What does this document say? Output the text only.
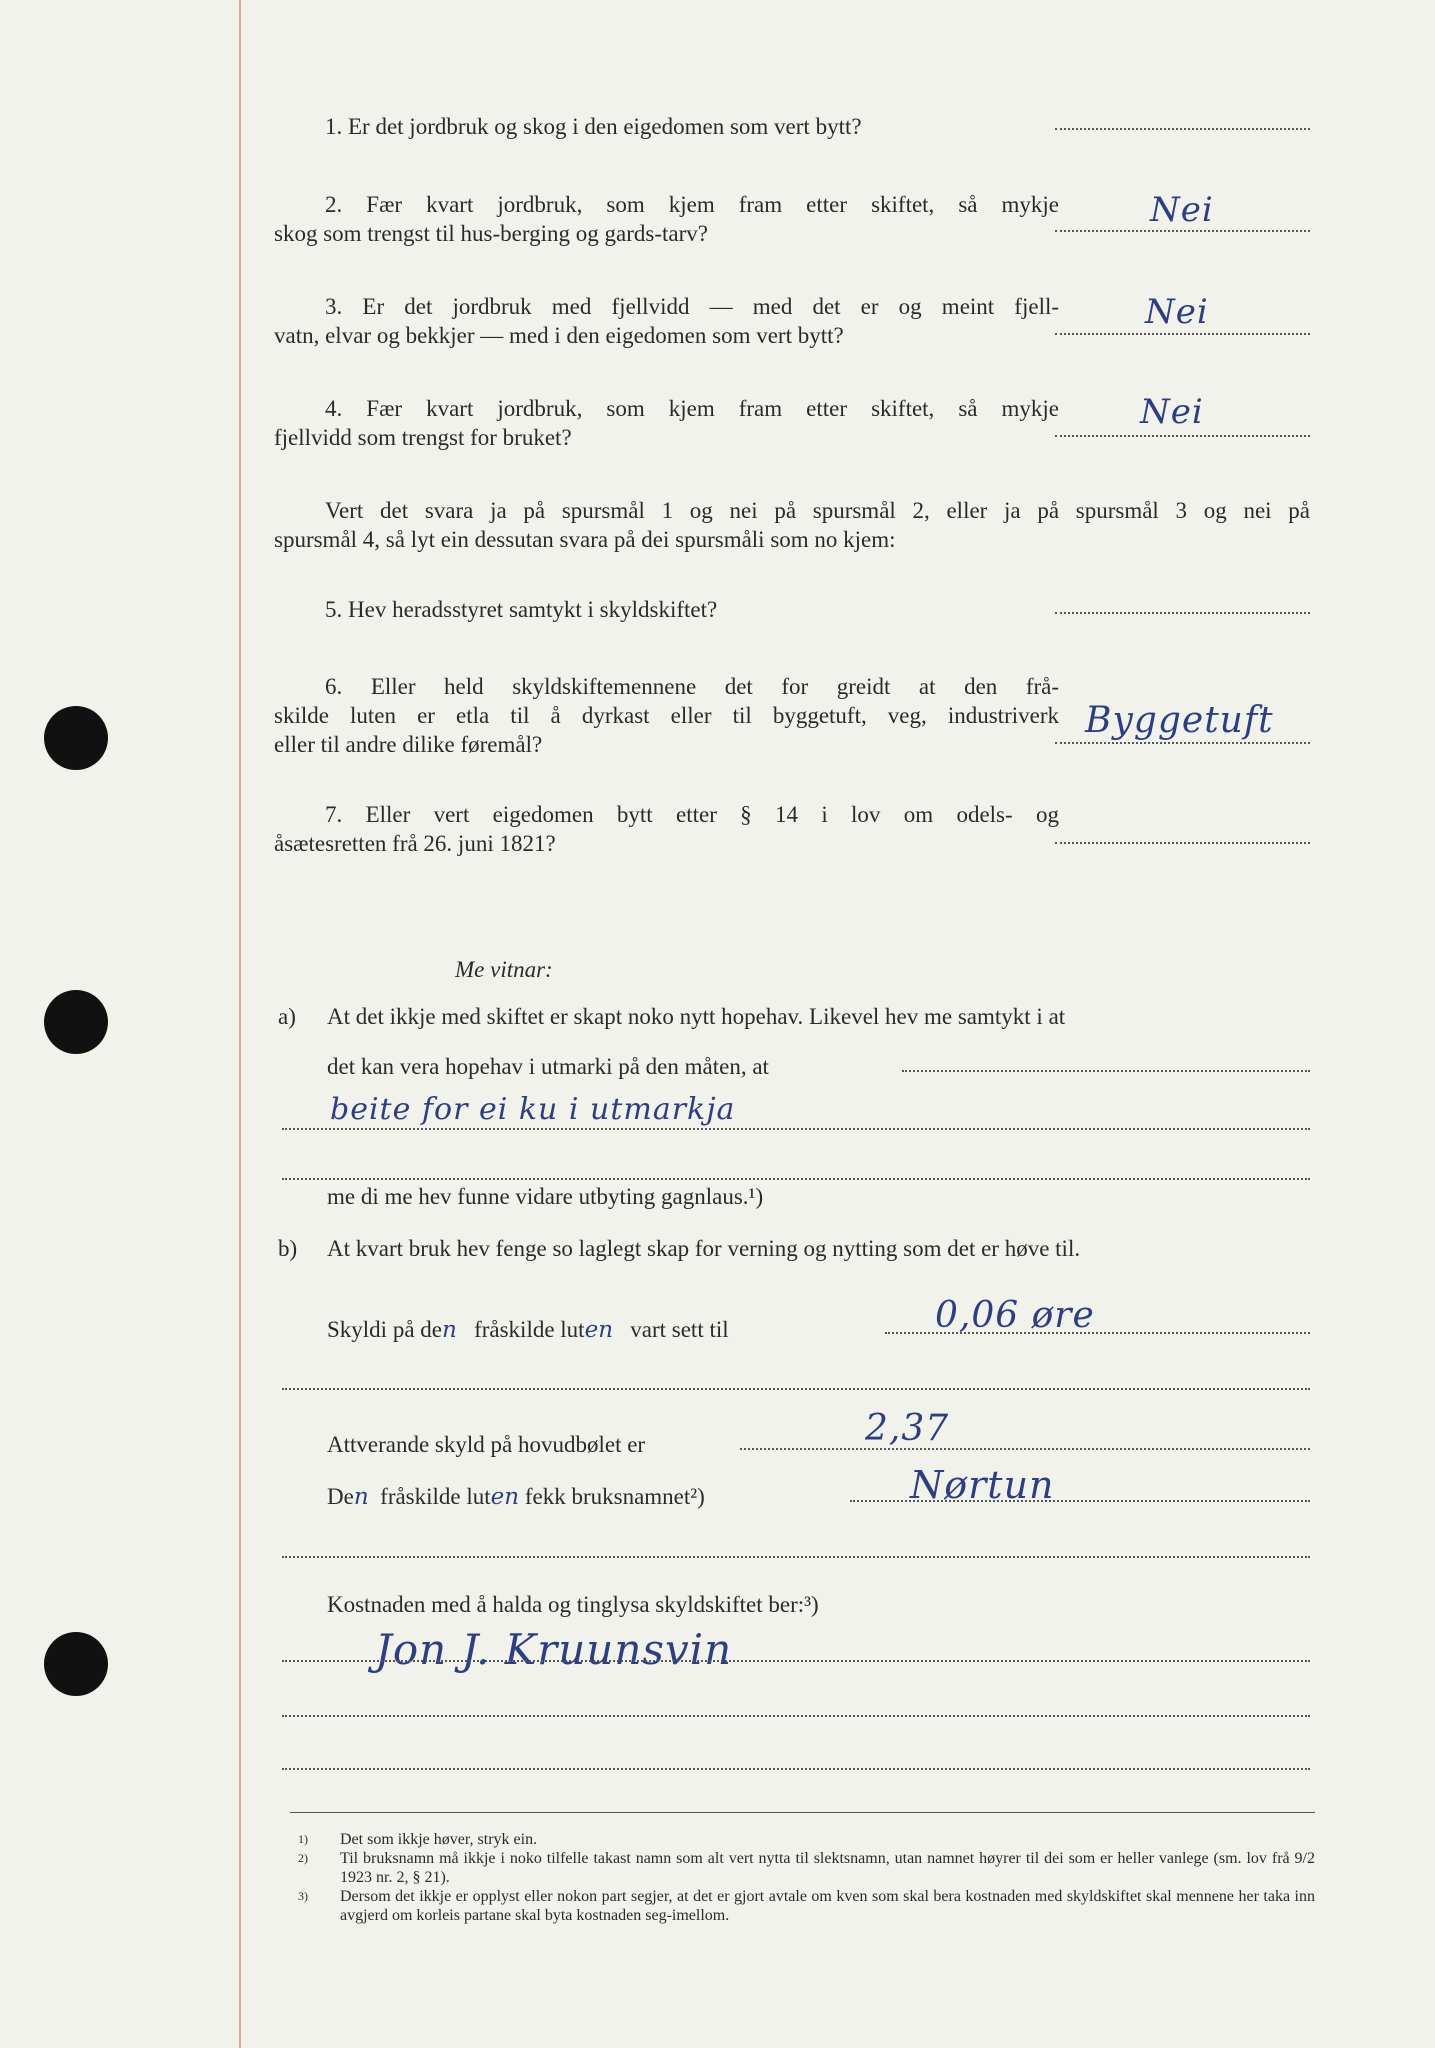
1. Er det jordbruk og skog i den eigedomen som vert bytt?
2. Fær kvart jordbruk, som kjem fram etter skiftet, så mykje
skog som trengst til hus-berging og gards-tarv?
Nei
3. Er det jordbruk med fjellvidd — med det er og meint fjell-
vatn, elvar og bekkjer — med i den eigedomen som vert bytt?
Nei
4. Fær kvart jordbruk, som kjem fram etter skiftet, så mykje
fjellvidd som trengst for bruket?
Nei
Vert det svara ja på spursmål 1 og nei på spursmål 2, eller ja på spursmål 3 og nei på
spursmål 4, så lyt ein dessutan svara på dei spursmåli som no kjem:
5. Hev heradsstyret samtykt i skyldskiftet?
6. Eller held skyldskiftemennene det for greidt at den frå-
skilde luten er etla til å dyrkast eller til byggetuft, veg, industriverk
eller til andre dilike føremål?
Byggetuft
7. Eller vert eigedomen bytt etter § 14 i lov om odels- og
åsætesretten frå 26. juni 1821?
Me vitnar:
a) At det ikkje med skiftet er skapt noko nytt hopehav. Likevel hev me samtykt i at
det kan vera hopehav i utmarki på den måten, at
beite for ei ku i utmarkja
me di me hev funne vidare utbyting gagnlaus.¹)
b) At kvart bruk hev fenge so laglegt skap for verning og nytting som det er høve til.
Skyldi på den fråskilde luten vart sett til	0,06 øre
Attverande skyld på hovudbølet er	2,37
Den fråskilde luten fekk bruksnamnet²)	Nørtun
Kostnaden med å halda og tinglysa skyldskiftet ber:³)
Jon J. Kruunsvin
1) Det som ikkje høver, stryk ein.
2) Til bruksnamn må ikkje i noko tilfelle takast namn som alt vert nytta til slektsnamn, utan namnet høyrer til dei som er heller vanlege (sm. lov frå 9/2 1923 nr. 2, § 21).
3) Dersom det ikkje er opplyst eller nokon part segjer, at det er gjort avtale om kven som skal bera kostnaden med skyldskiftet skal mennene her taka inn avgjerd om korleis partane skal byta kostnaden seg-imellom.
